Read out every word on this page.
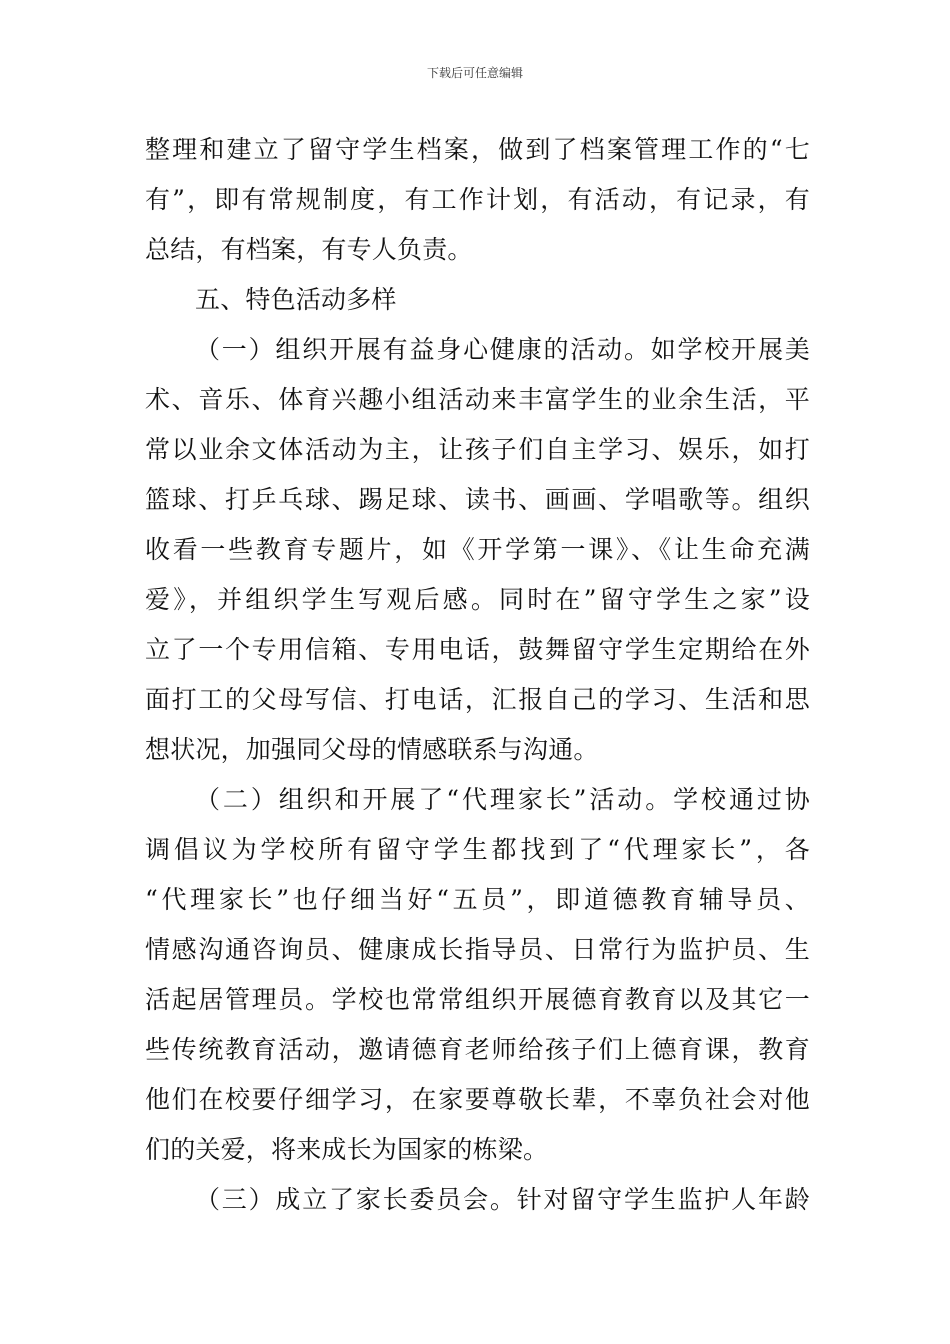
下载后可任意编辑
整理和建立了留守学生档案，做到了档案管理工作的“七
有”，即有常规制度，有工作计划，有活动，有记录，有
总结，有档案，有专人负责。
五、特色活动多样
（一）组织开展有益身心健康的活动。如学校开展美
术、音乐、体育兴趣小组活动来丰富学生的业余生活，平
常以业余文体活动为主，让孩子们自主学习、娱乐，如打
篮球、打乒乓球、踢足球、读书、画画、学唱歌等。组织
收看一些教育专题片，如《开学第一课》、《让生命充满
爱》，并组织学生写观后感。同时在”留守学生之家”设
立了一个专用信箱、专用电话，鼓舞留守学生定期给在外
面打工的父母写信、打电话，汇报自己的学习、生活和思
想状况，加强同父母的情感联系与沟通。
（二）组织和开展了“代理家长”活动。学校通过协
调倡议为学校所有留守学生都找到了“代理家长”，各
“代理家长”也仔细当好“五员”，即道德教育辅导员、
情感沟通咨询员、健康成长指导员、日常行为监护员、生
活起居管理员。学校也常常组织开展德育教育以及其它一
些传统教育活动，邀请德育老师给孩子们上德育课，教育
他们在校要仔细学习，在家要尊敬长辈，不辜负社会对他
们的关爱，将来成长为国家的栋梁。
（三）成立了家长委员会。针对留守学生监护人年龄
